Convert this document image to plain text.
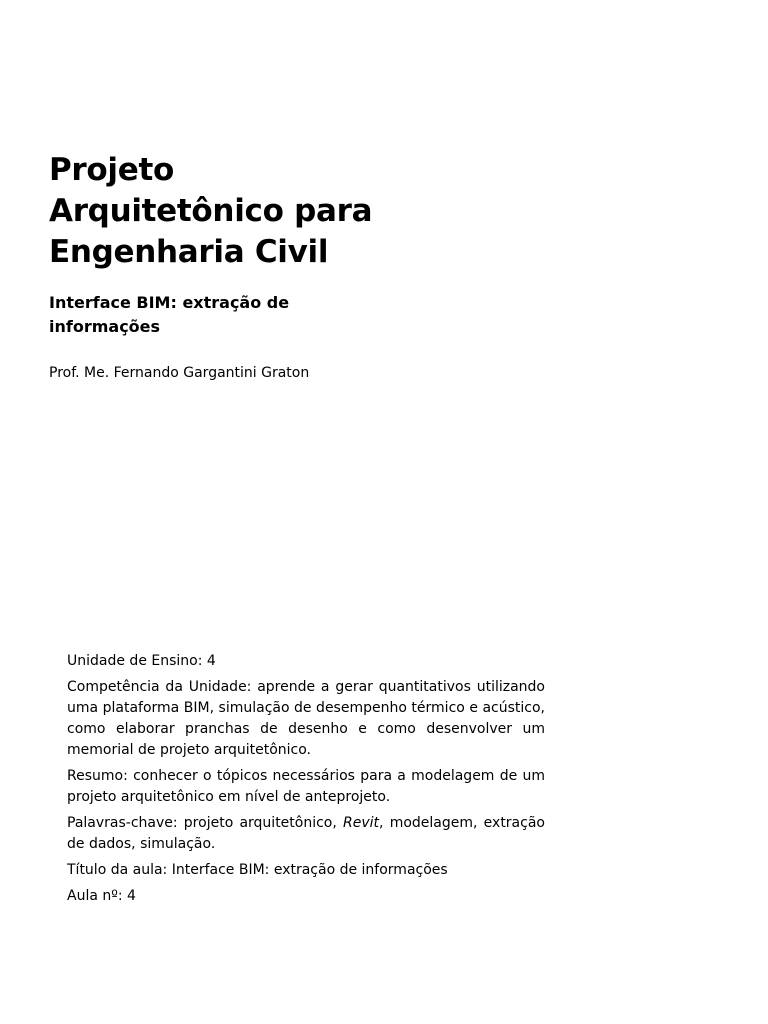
Projeto
Arquitetônico para
Engenharia Civil
Interface BIM: extração de
informações

Prof. Me. Fernando Gargantini Graton

Unidade de Ensino: 4

Competência da Unidade: aprende a gerar quantitativos utilizando uma plataforma BIM, simulação de desempenho térmico e acústico, como elaborar pranchas de desenho e como desenvolver um memorial de projeto arquitetônico.

Resumo: conhecer o tópicos necessários para a modelagem de um projeto arquitetônico em nível de anteprojeto.

Palavras-chave: projeto arquitetônico, Revit, modelagem, extração de dados, simulação.

Título da aula: Interface BIM: extração de informações

Aula nº: 4
